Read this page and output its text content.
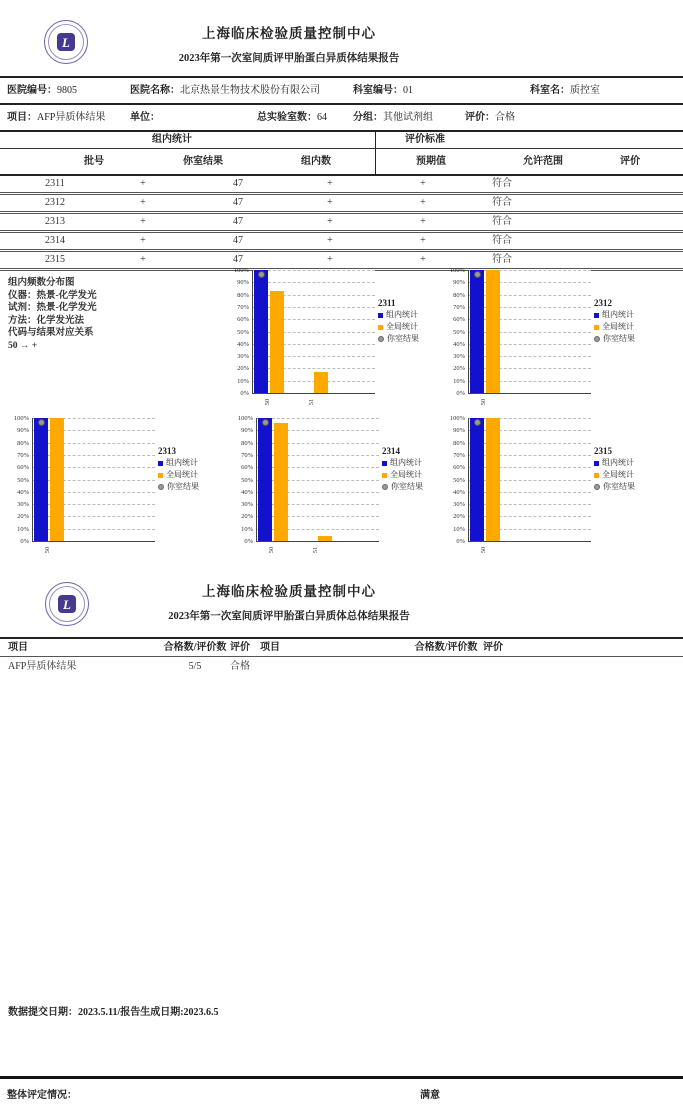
L
上海临床检验质量控制中心
2023年第一次室间质评甲胎蛋白异质体结果报告
医院编号：9805	医院名称：北京热景生物技术股份有限公司	科室编号：01	科室名：质控室
项目：AFP异质体结果 单位：	总实验室数：64	分组：其他试剂组	评价：合格
组内统计	评价标准
批号	你室结果	组内数	预期值	允许范围	评价
2311	+	47	+	+	符合
2312	+	47	+	+	符合
2313	+	47	+	+	符合
2314	+	47	+	+	符合
2315	+	47	+	+	符合
组内频数分布图
仪器：热景-化学发光
试剂：热景-化学发光
方法：化学发光法
代码与结果对应关系
50 → +
100%
90%
80%
70%
60%
50%
40%
30%
20%
10%
0%
50	51
2311
组内统计
全局统计
你室结果
100%
90%
80%
70%
60%
50%
40%
30%
20%
10%
0%
50
2312
组内统计
全局统计
你室结果
100%
90%
80%
70%
60%
50%
40%
30%
20%
10%
0%
50
2313
组内统计
全局统计
你室结果
100%
90%
80%
70%
60%
50%
40%
30%
20%
10%
0%
50	51
2314
组内统计
全局统计
你室结果
100%
90%
80%
70%
60%
50%
40%
30%
20%
10%
0%
50
2315
组内统计
全局统计
你室结果
L
上海临床检验质量控制中心
2023年第一次室间质评甲胎蛋白异质体总体结果报告
项目	合格数/评价数 评价 项目	合格数/评价数 评价
AFP异质体结果	5/5	合格
数据提交日期：2023.5.11/报告生成日期:2023.6.5
整体评定情况：	满意
